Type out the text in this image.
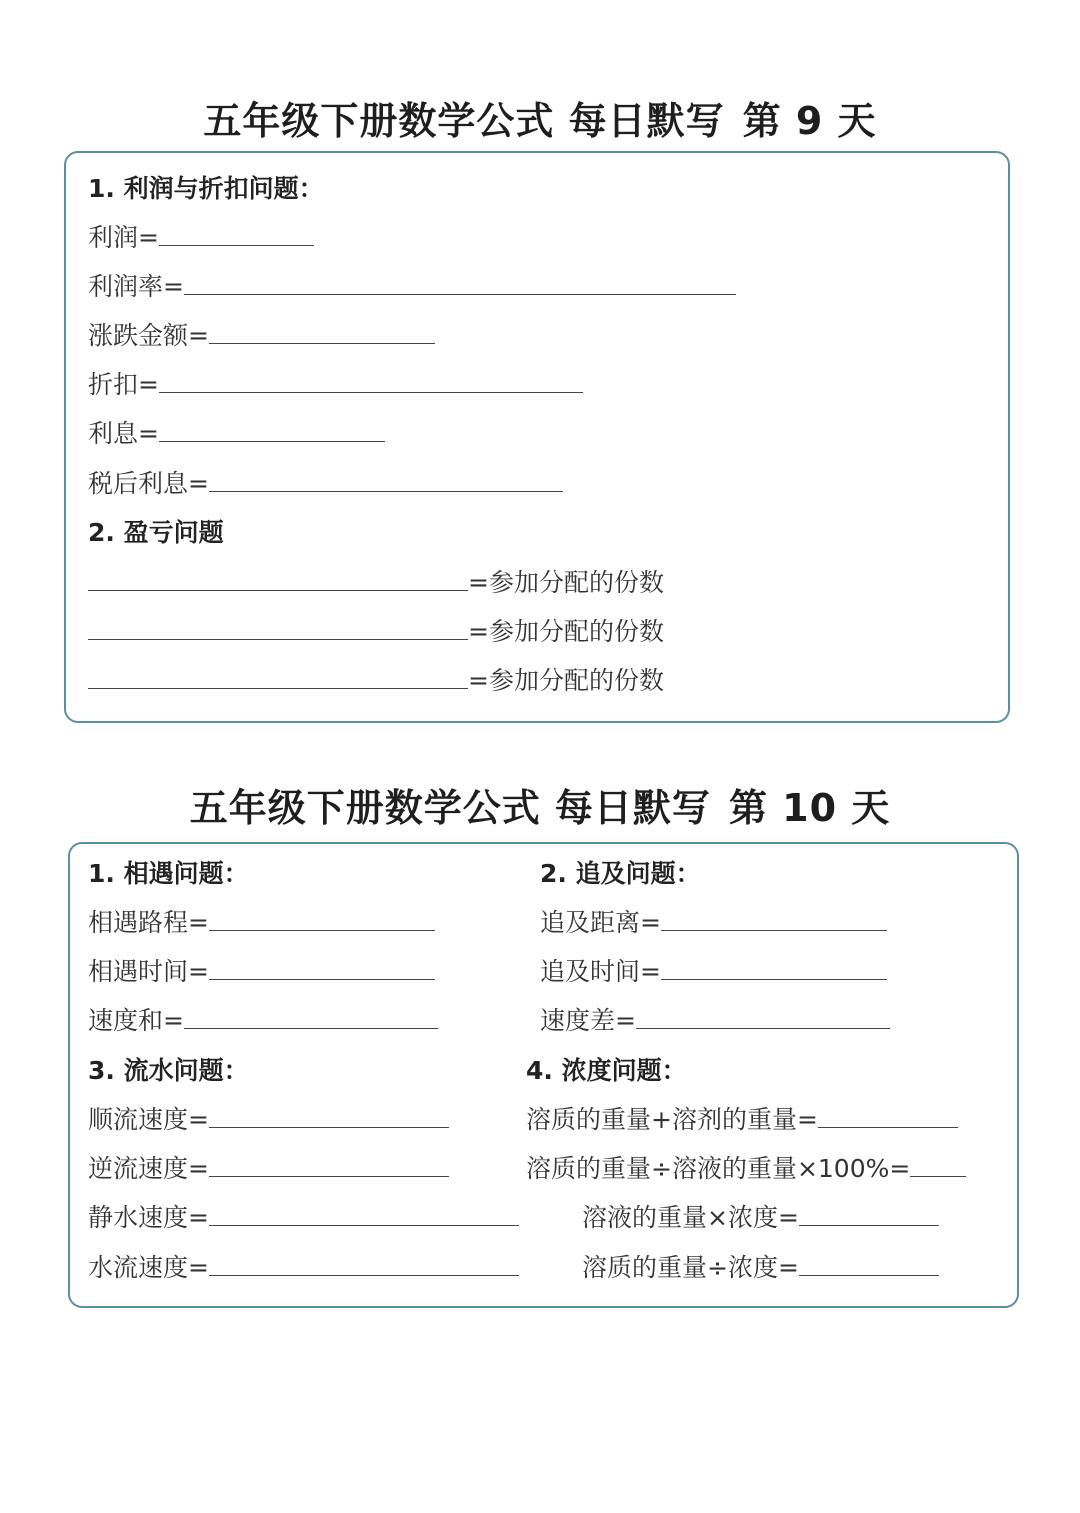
五年级下册数学公式 每日默写 第 9 天
1. 利润与折扣问题：
利润=
利润率=
涨跌金额=
折扣=
利息=
税后利息=
2. 盈亏问题
=参加分配的份数
=参加分配的份数
=参加分配的份数
五年级下册数学公式 每日默写 第 10 天
1. 相遇问题：
相遇路程=
相遇时间=
速度和=
2. 追及问题：
追及距离=
追及时间=
速度差=
3. 流水问题：
顺流速度=
逆流速度=
静水速度=
水流速度=
4. 浓度问题：
溶质的重量+溶剂的重量=
溶质的重量÷溶液的重量×100%=
溶液的重量×浓度=
溶质的重量÷浓度=
